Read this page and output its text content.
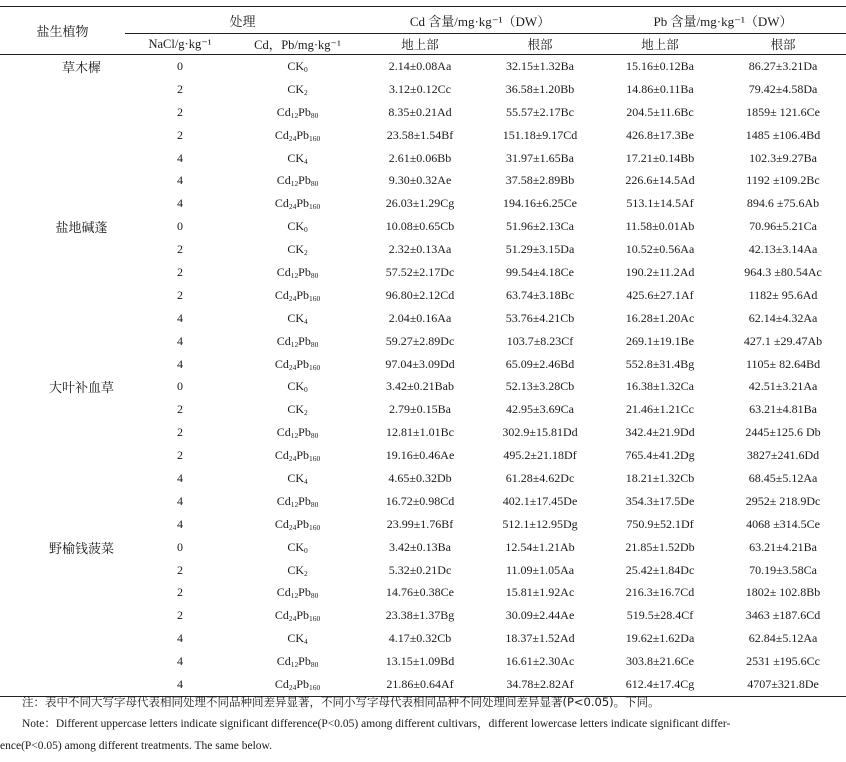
盐生植物	处理		Cd 含量/mg·kg⁻¹（DW）		Pb 含量/mg·kg⁻¹（DW）	
	NaCl/g·kg⁻¹	Cd，Pb/mg·kg⁻¹	地上部	根部	地上部	根部
草木樨	0	$CK_0$	2.14±0.08Aa	32.15±1.32Ba	15.16±0.12Ba	86.27±3.21Da
	2	$CK_2$	3.12±0.12Cc	36.58±1.20Bb	14.86±0.11Ba	79.42±4.58Da
	2	$Cd_{12}Pb_{80}$	8.35±0.21Ad	55.57±2.17Bc	204.5±11.6Bc	1859± 121.6Ce
	2	$Cd_{24}Pb_{160}$	23.58±1.54Bf	151.18±9.17Cd	426.8±17.3Be	1485 ±106.4Bd
	4	$CK_4$	2.61±0.06Bb	31.97±1.65Ba	17.21±0.14Bb	102.3±9.27Ba
	4	$Cd_{12}Pb_{80}$	9.30±0.32Ae	37.58±2.89Bb	226.6±14.5Ad	1192 ±109.2Bc
	4	$Cd_{24}Pb_{160}$	26.03±1.29Cg	194.16±6.25Ce	513.1±14.5Af	894.6 ±75.6Ab
盐地碱蓬	0	$CK_0$	10.08±0.65Cb	51.96±2.13Ca	11.58±0.01Ab	70.96±5.21Ca
	2	$CK_2$	2.32±0.13Aa	51.29±3.15Da	10.52±0.56Aa	42.13±3.14Aa
	2	$Cd_{12}Pb_{80}$	57.52±2.17Dc	99.54±4.18Ce	190.2±11.2Ad	964.3 ±80.54Ac
	2	$Cd_{24}Pb_{160}$	96.80±2.12Cd	63.74±3.18Bc	425.6±27.1Af	1182± 95.6Ad
	4	$CK_4$	2.04±0.16Aa	53.76±4.21Cb	16.28±1.20Ac	62.14±4.32Aa
	4	$Cd_{12}Pb_{80}$	59.27±2.89Dc	103.7±8.23Cf	269.1±19.1Be	427.1 ±29.47Ab
	4	$Cd_{24}Pb_{160}$	97.04±3.09Dd	65.09±2.46Bd	552.8±31.4Bg	1105± 82.64Bd
大叶补血草	0	$CK_0$	3.42±0.21Bab	52.13±3.28Cb	16.38±1.32Ca	42.51±3.21Aa
	2	$CK_2$	2.79±0.15Ba	42.95±3.69Ca	21.46±1.21Cc	63.21±4.81Ba
	2	$Cd_{12}Pb_{80}$	12.81±1.01Bc	302.9±15.81Dd	342.4±21.9Dd	2445±125.6 Db
	2	$Cd_{24}Pb_{160}$	19.16±0.46Ae	495.2±21.18Df	765.4±41.2Dg	3827±241.6Dd
	4	$CK_4$	4.65±0.32Db	61.28±4.62Dc	18.21±1.32Cb	68.45±5.12Aa
	4	$Cd_{12}Pb_{80}$	16.72±0.98Cd	402.1±17.45De	354.3±17.5De	2952± 218.9Dc
	4	$Cd_{24}Pb_{160}$	23.99±1.76Bf	512.1±12.95Dg	750.9±52.1Df	4068 ±314.5Ce
野榆钱菠菜	0	$CK_0$	3.42±0.13Ba	12.54±1.21Ab	21.85±1.52Db	63.21±4.21Ba
	2	$CK_2$	5.32±0.21Dc	11.09±1.05Aa	25.42±1.84Dc	70.19±3.58Ca
	2	$Cd_{12}Pb_{80}$	14.76±0.38Ce	15.81±1.92Ac	216.3±16.7Cd	1802± 102.8Bb
	2	$Cd_{24}Pb_{160}$	23.38±1.37Bg	30.09±2.44Ae	519.5±28.4Cf	3463 ±187.6Cd
	4	$CK_4$	4.17±0.32Cb	18.37±1.52Ad	19.62±1.62Da	62.84±5.12Aa
	4	$Cd_{12}Pb_{80}$	13.15±1.09Bd	16.61±2.30Ac	303.8±21.6Ce	2531 ±195.6Cc
	4	$Cd_{24}Pb_{160}$	21.86±0.64Af	34.78±2.82Af	612.4±17.4Cg	4707±321.8De

注：表中不同大写字母代表相同处理不同品种间差异显著，不同小写字母代表相同品种不同处理间差异显著(P<0.05)。下同。

Note：Different uppercase letters indicate significant difference(P<0.05) among different cultivars，different lowercase letters indicate significant differ-

ence(P<0.05) among different treatments. The same below.
